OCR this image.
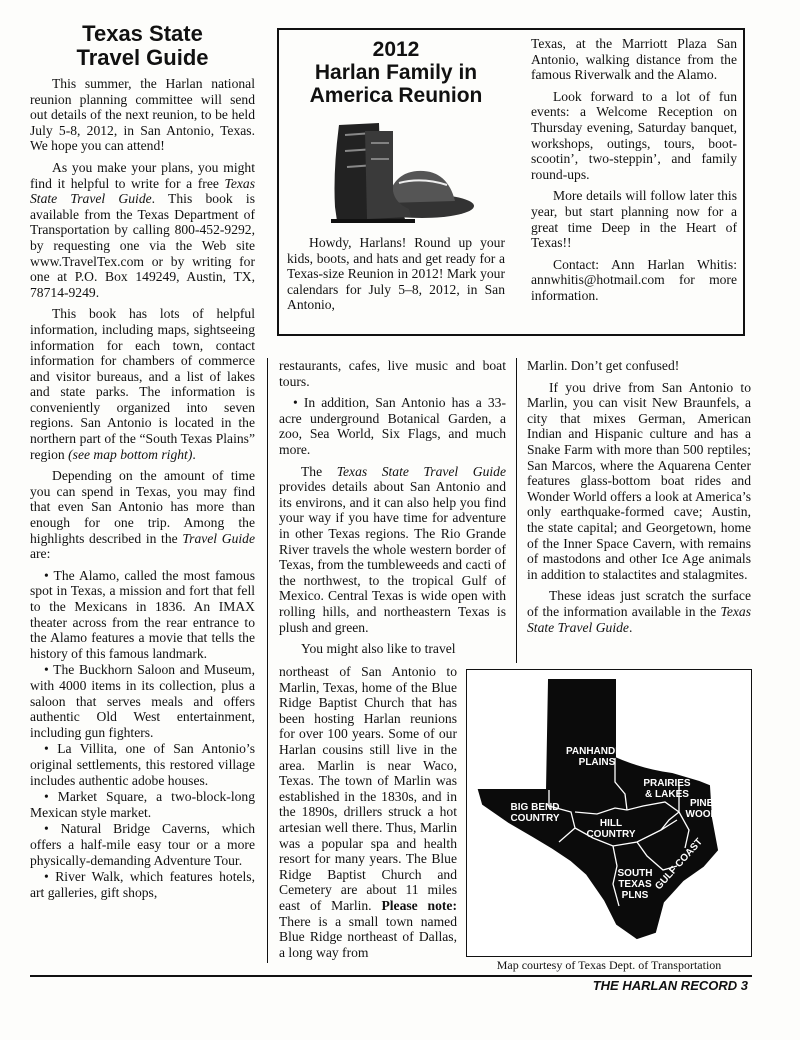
Texas State
Travel Guide

This summer, the Harlan national reunion planning committee will send out details of the next reunion, to be held July 5-8, 2012, in San Antonio, Texas. We hope you can attend!

As you make your plans, you might find it helpful to write for a free Texas State Travel Guide. This book is available from the Texas Department of Transportation by calling 800-452-9292, by requesting one via the Web site www.TravelTex.com or by writing for one at P.O. Box 149249, Austin, TX, 78714-9249.

This book has lots of helpful information, including maps, sightseeing information for each town, contact information for chambers of commerce and visitor bureaus, and a list of lakes and state parks. The information is conveniently organized into seven regions. San Antonio is located in the northern part of the “South Texas Plains” region (see map bottom right).

Depending on the amount of time you can spend in Texas, you may find that even San Antonio has more than enough for one trip. Among the highlights described in the Travel Guide are:

• The Alamo, called the most famous spot in Texas, a mission and fort that fell to the Mexicans in 1836. An IMAX theater across from the rear entrance to the Alamo features a movie that tells the history of this famous landmark.

• The Buckhorn Saloon and Museum, with 4000 items in its collection, plus a saloon that serves meals and offers authentic Old West entertainment, including gun fighters.

• La Villita, one of San Antonio’s original settlements, this restored village includes authentic adobe houses.

• Market Square, a two-block-long Mexican style market.

• Natural Bridge Caverns, which offers a half-mile easy tour or a more physically-demanding Adventure Tour.

• River Walk, which features hotels, art galleries, gift shops,

2012
Harlan Family in
America Reunion

Howdy, Harlans! Round up your kids, boots, and hats and get ready for a Texas-size Reunion in 2012! Mark your calendars for July 5–8, 2012, in San Antonio,

Texas, at the Marriott Plaza San Antonio, walking distance from the famous Riverwalk and the Alamo.

Look forward to a lot of fun events: a Welcome Reception on Thursday evening, Saturday banquet, workshops, outings, tours, boot-scootin’, two-steppin’, and family round-ups.

More details will follow later this year, but start planning now for a great time Deep in the Heart of Texas!!

Contact: Ann Harlan Whitis: annwhitis@hotmail.com for more information.

restaurants, cafes, live music and boat tours.

• In addition, San Antonio has a 33-acre underground Botanical Garden, a zoo, Sea World, Six Flags, and much more.

The Texas State Travel Guide provides details about San Antonio and its environs, and it can also help you find your way if you have time for adventure in other Texas regions. The Rio Grande River travels the whole western border of Texas, from the tumbleweeds and cacti of the northwest, to the tropical Gulf of Mexico. Central Texas is wide open with rolling hills, and northeastern Texas is plush and green.

You might also like to travel

northeast of San Antonio to Marlin, Texas, home of the Blue Ridge Baptist Church that has been hosting Harlan reunions for over 100 years. Some of our Harlan cousins still live in the area. Marlin is near Waco, Texas. The town of Marlin was established in the 1830s, and in the 1890s, drillers struck a hot artesian well there. Thus, Marlin was a popular spa and health resort for many years. The Blue Ridge Baptist Church and Cemetery are about 11 miles east of Marlin. Please note: There is a small town named Blue Ridge northeast of Dallas, a long way from

Marlin. Don’t get confused!

If you drive from San Antonio to Marlin, you can visit New Braunfels, a city that mixes German, American Indian and Hispanic culture and has a Snake Farm with more than 500 reptiles; San Marcos, where the Aquarena Center features glass-bottom boat rides and Wonder World offers a look at America’s only earthquake-formed cave; Austin, the state capital; and Georgetown, home of the Inner Space Cavern, with remains of mastodons and other Ice Age animals in addition to stalactites and stalagmites.

These ideas just scratch the surface of the information available in the Texas State Travel Guide.

PANHANDLE PLAINS
PRAIRIES & LAKES
PINEY WOODS
BIG BEND COUNTRY	HILL COUNTRY
SOUTH TEXAS PLNS
GULF COAST
Map courtesy of Texas Dept. of Transportation
THE HARLAN RECORD 3
